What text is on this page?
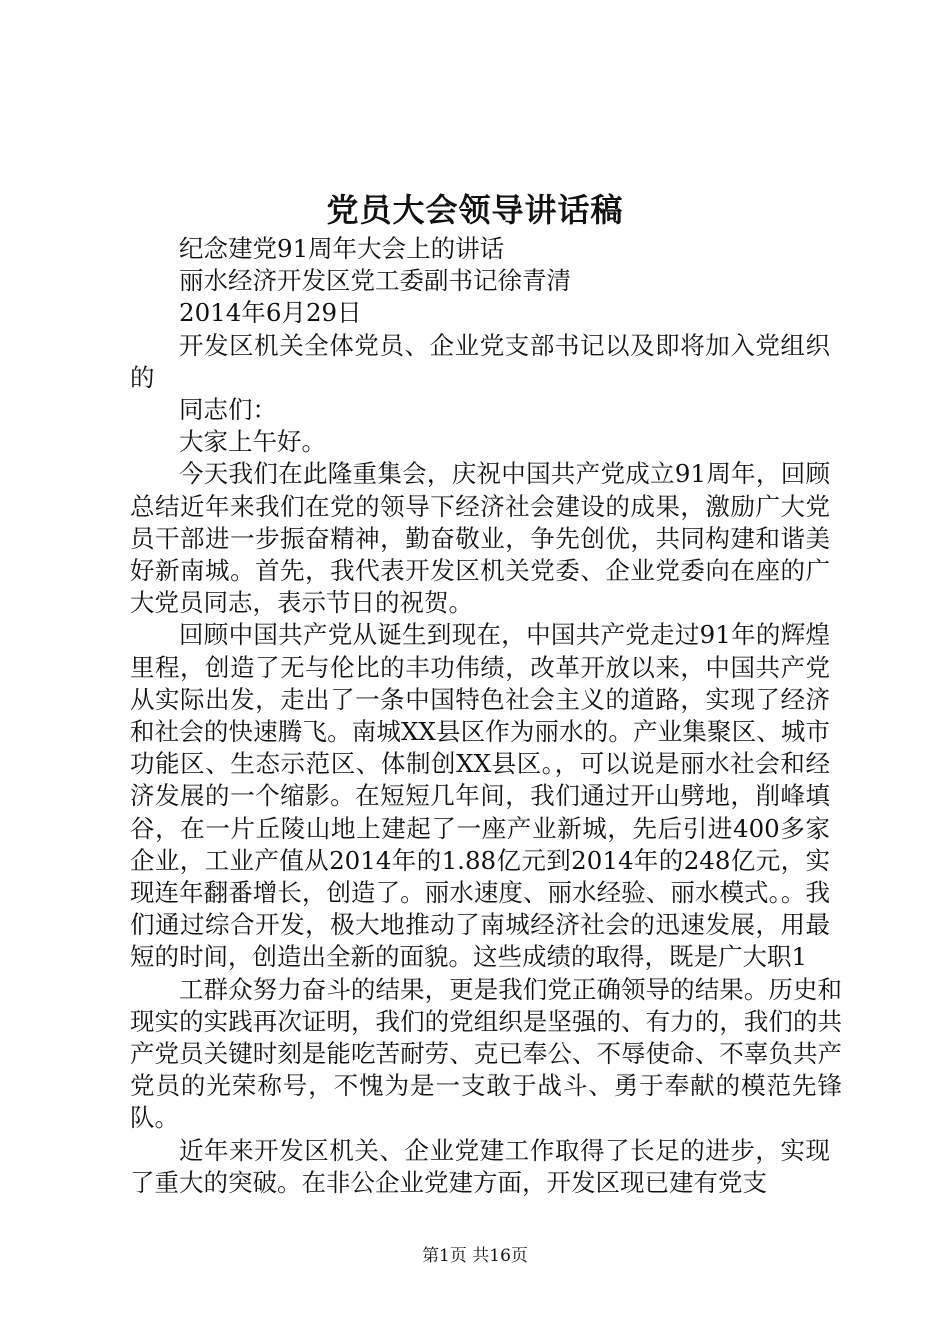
党员大会领导讲话稿

纪念建党91周年大会上的讲话

丽水经济开发区党工委副书记徐青清

2014年6月29日

开发区机关全体党员、企业党支部书记以及即将加入党组织的

同志们：

大家上午好。

今天我们在此隆重集会，庆祝中国共产党成立91周年，回顾总结近年来我们在党的领导下经济社会建设的成果，激励广大党员干部进一步振奋精神，勤奋敬业，争先创优，共同构建和谐美好新南城。首先，我代表开发区机关党委、企业党委向在座的广大党员同志，表示节日的祝贺。

回顾中国共产党从诞生到现在，中国共产党走过91年的辉煌里程，创造了无与伦比的丰功伟绩，改革开放以来，中国共产党从实际出发，走出了一条中国特色社会主义的道路，实现了经济和社会的快速腾飞。南城XX县区作为丽水的。产业集聚区、城市功能区、生态示范区、体制创XX县区。，可以说是丽水社会和经济发展的一个缩影。在短短几年间，我们通过开山劈地，削峰填谷，在一片丘陵山地上建起了一座产业新城，先后引进400多家企业，工业产值从2014年的1.88亿元到2014年的248亿元，实现连年翻番增长，创造了。丽水速度、丽水经验、丽水模式。。我们通过综合开发，极大地推动了南城经济社会的迅速发展，用最短的时间，创造出全新的面貌。这些成绩的取得，既是广大职1

工群众努力奋斗的结果，更是我们党正确领导的结果。历史和现实的实践再次证明，我们的党组织是坚强的、有力的，我们的共产党员关键时刻是能吃苦耐劳、克已奉公、不辱使命、不辜负共产党员的光荣称号，不愧为是一支敢于战斗、勇于奉献的模范先锋队。

近年来开发区机关、企业党建工作取得了长足的进步，实现了重大的突破。在非公企业党建方面，开发区现已建有党支

第1页 共16页
